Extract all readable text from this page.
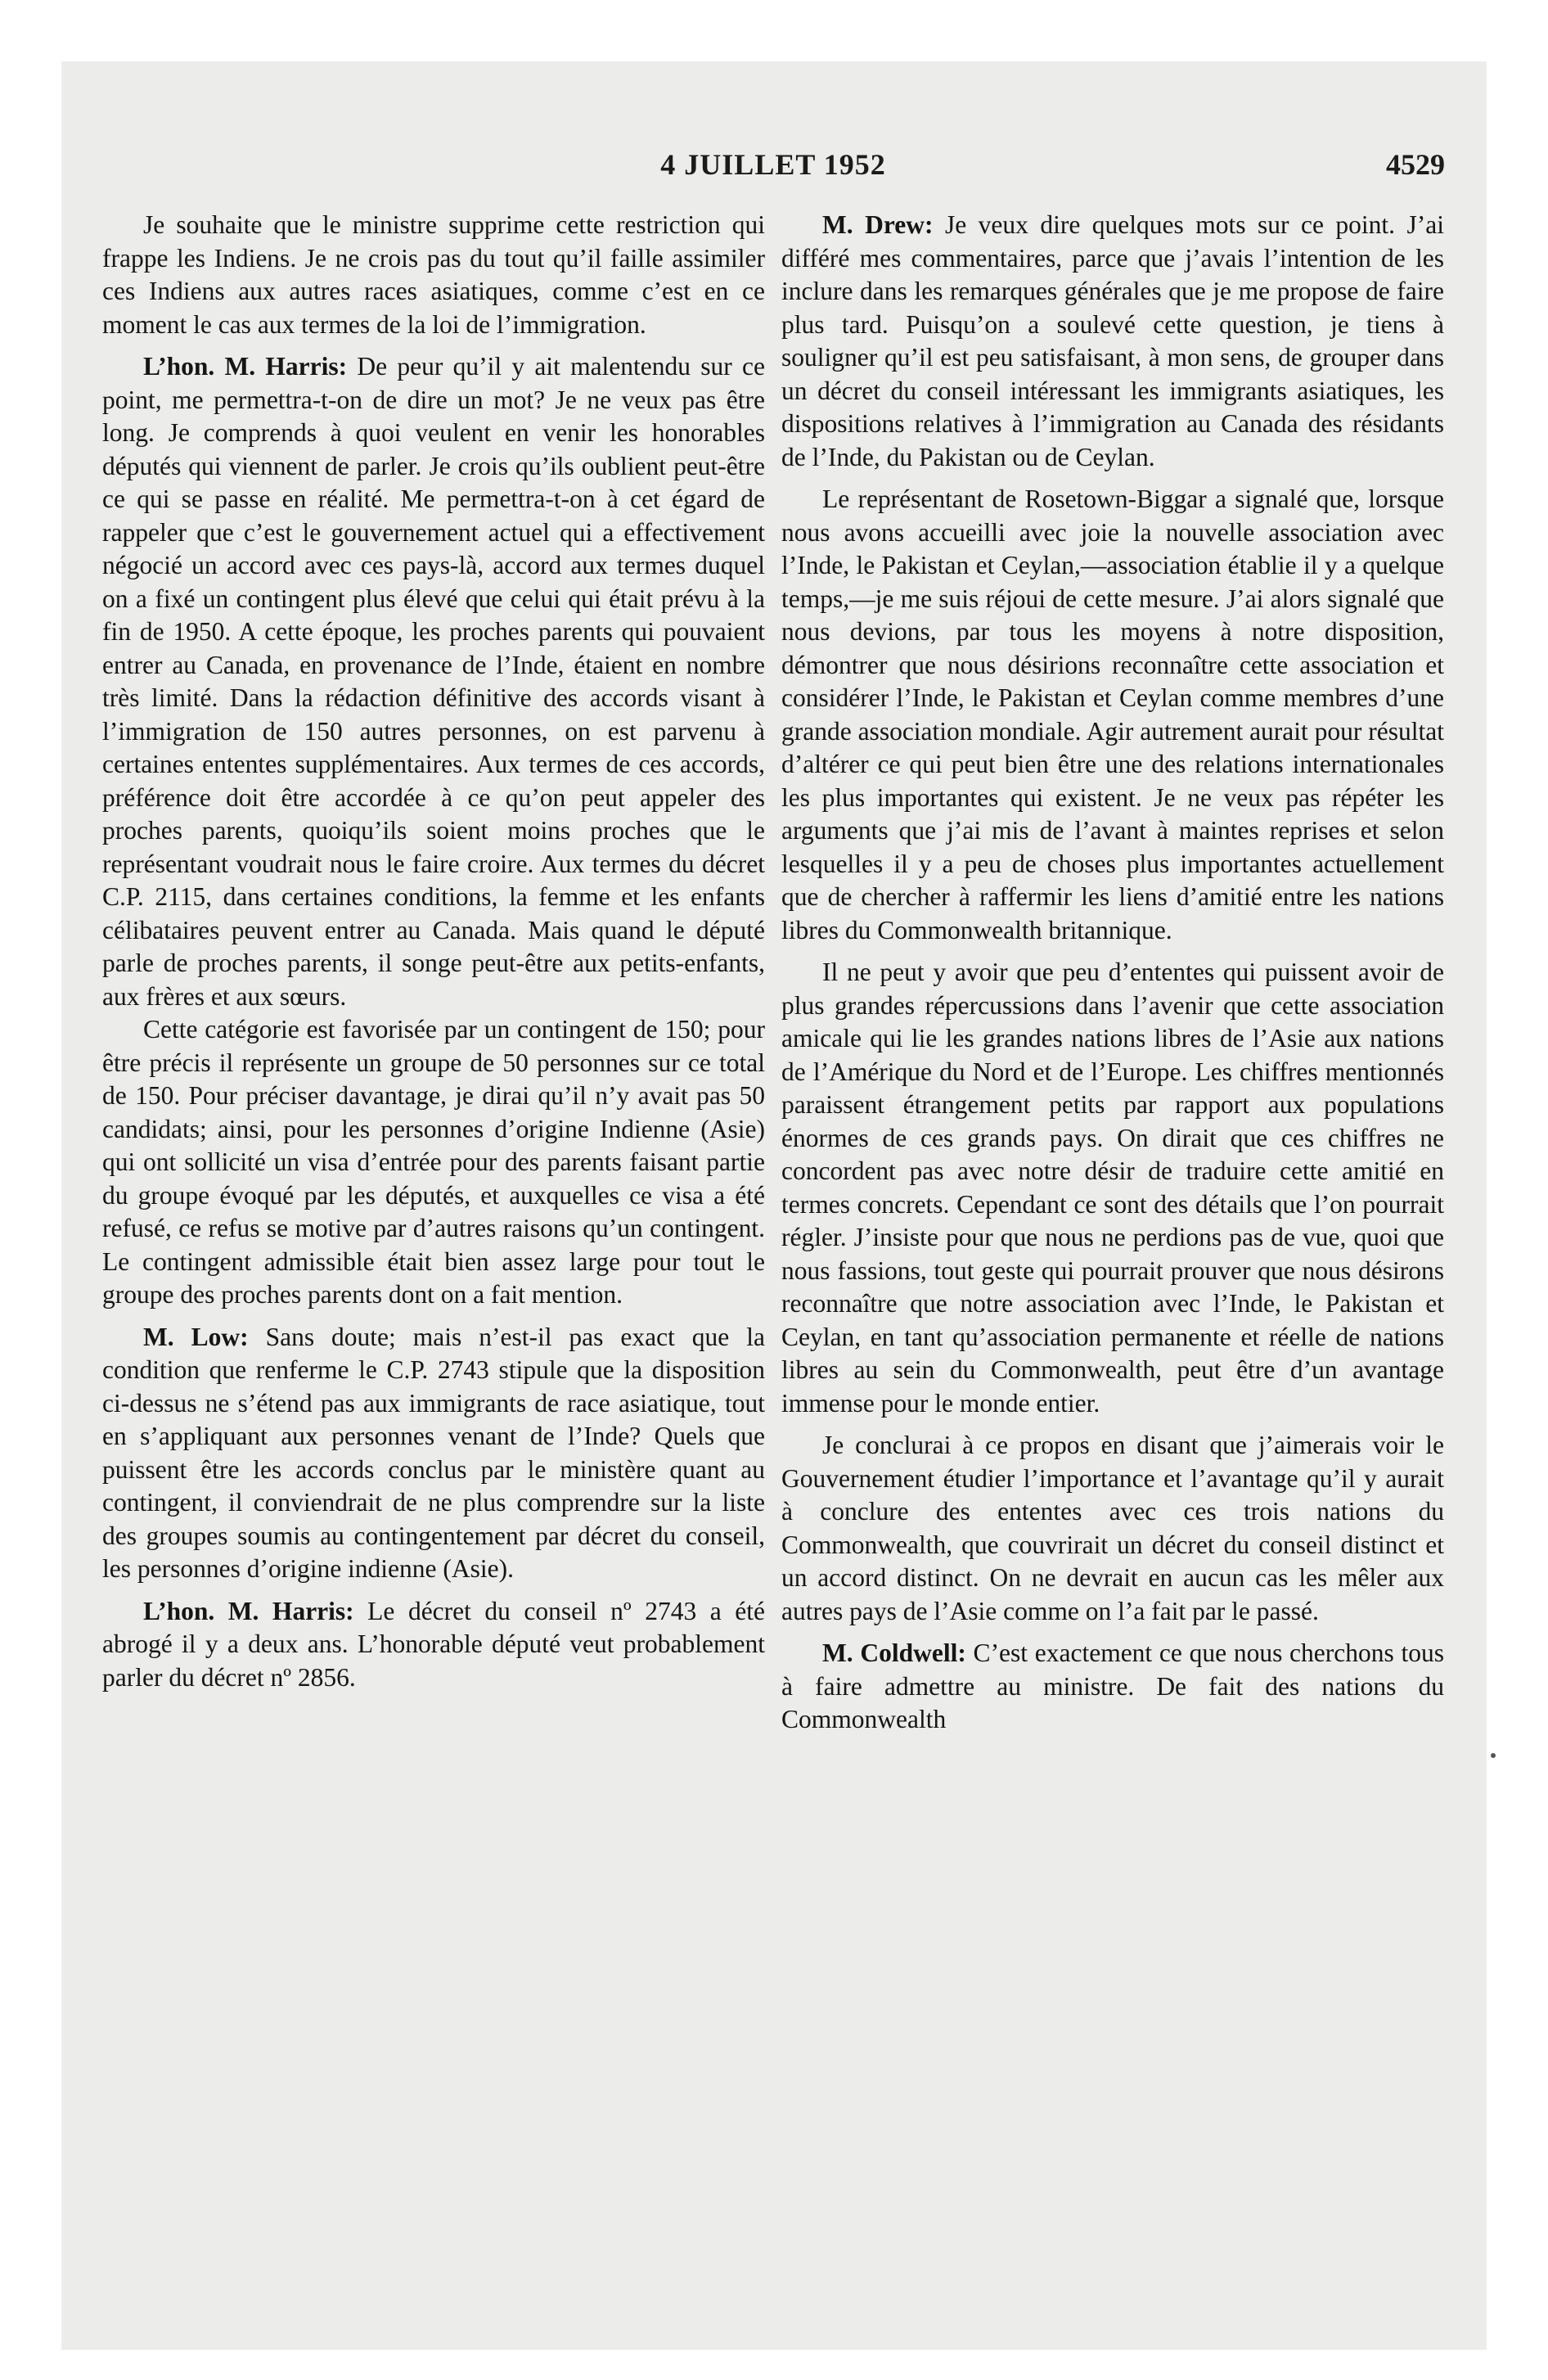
4 JUILLET 1952	4529

Je souhaite que le ministre supprime cette restriction qui frappe les Indiens. Je ne crois pas du tout qu’il faille assimiler ces Indiens aux autres races asiatiques, comme c’est en ce moment le cas aux termes de la loi de l’immigration.

L’hon. M. Harris: De peur qu’il y ait malentendu sur ce point, me permettra-t-on de dire un mot? Je ne veux pas être long. Je comprends à quoi veulent en venir les honorables députés qui viennent de parler. Je crois qu’ils oublient peut-être ce qui se passe en réalité. Me permettra-t-on à cet égard de rappeler que c’est le gouvernement actuel qui a effectivement négocié un accord avec ces pays-là, accord aux termes duquel on a fixé un contingent plus élevé que celui qui était prévu à la fin de 1950. A cette époque, les proches parents qui pouvaient entrer au Canada, en provenance de l’Inde, étaient en nombre très limité. Dans la rédaction définitive des accords visant à l’immigration de 150 autres personnes, on est parvenu à certaines ententes supplémentaires. Aux termes de ces accords, préférence doit être accordée à ce qu’on peut appeler des proches parents, quoiqu’ils soient moins proches que le représentant voudrait nous le faire croire. Aux termes du décret C.P. 2115, dans certaines conditions, la femme et les enfants célibataires peuvent entrer au Canada. Mais quand le député parle de proches parents, il songe peut-être aux petits-enfants, aux frères et aux sœurs.

Cette catégorie est favorisée par un contingent de 150; pour être précis il représente un groupe de 50 personnes sur ce total de 150. Pour préciser davantage, je dirai qu’il n’y avait pas 50 candidats; ainsi, pour les personnes d’origine Indienne (Asie) qui ont sollicité un visa d’entrée pour des parents faisant partie du groupe évoqué par les députés, et auxquelles ce visa a été refusé, ce refus se motive par d’autres raisons qu’un contingent. Le contingent admissible était bien assez large pour tout le groupe des proches parents dont on a fait mention.

M. Low: Sans doute; mais n’est-il pas exact que la condition que renferme le C.P. 2743 stipule que la disposition ci-dessus ne s’étend pas aux immigrants de race asiatique, tout en s’appliquant aux personnes venant de l’Inde? Quels que puissent être les accords conclus par le ministère quant au contingent, il conviendrait de ne plus comprendre sur la liste des groupes soumis au contingentement par décret du conseil, les personnes d’origine indienne (Asie).

L’hon. M. Harris: Le décret du conseil nº 2743 a été abrogé il y a deux ans. L’honorable député veut probablement parler du décret nº 2856.

M. Drew: Je veux dire quelques mots sur ce point. J’ai différé mes commentaires, parce que j’avais l’intention de les inclure dans les remarques générales que je me propose de faire plus tard. Puisqu’on a soulevé cette question, je tiens à souligner qu’il est peu satisfaisant, à mon sens, de grouper dans un décret du conseil intéressant les immigrants asiatiques, les dispositions relatives à l’immigration au Canada des résidants de l’Inde, du Pakistan ou de Ceylan.

Le représentant de Rosetown-Biggar a signalé que, lorsque nous avons accueilli avec joie la nouvelle association avec l’Inde, le Pakistan et Ceylan,—association établie il y a quelque temps,—je me suis réjoui de cette mesure. J’ai alors signalé que nous devions, par tous les moyens à notre disposition, démontrer que nous désirions reconnaître cette association et considérer l’Inde, le Pakistan et Ceylan comme membres d’une grande association mondiale. Agir autrement aurait pour résultat d’altérer ce qui peut bien être une des relations internationales les plus importantes qui existent. Je ne veux pas répéter les arguments que j’ai mis de l’avant à maintes reprises et selon lesquelles il y a peu de choses plus importantes actuellement que de chercher à raffermir les liens d’amitié entre les nations libres du Commonwealth britannique.

Il ne peut y avoir que peu d’ententes qui puissent avoir de plus grandes répercussions dans l’avenir que cette association amicale qui lie les grandes nations libres de l’Asie aux nations de l’Amérique du Nord et de l’Europe. Les chiffres mentionnés paraissent étrangement petits par rapport aux populations énormes de ces grands pays. On dirait que ces chiffres ne concordent pas avec notre désir de traduire cette amitié en termes concrets. Cependant ce sont des détails que l’on pourrait régler. J’insiste pour que nous ne perdions pas de vue, quoi que nous fassions, tout geste qui pourrait prouver que nous désirons reconnaître que notre association avec l’Inde, le Pakistan et Ceylan, en tant qu’association permanente et réelle de nations libres au sein du Commonwealth, peut être d’un avantage immense pour le monde entier.

Je conclurai à ce propos en disant que j’aimerais voir le Gouvernement étudier l’importance et l’avantage qu’il y aurait à conclure des ententes avec ces trois nations du Commonwealth, que couvrirait un décret du conseil distinct et un accord distinct. On ne devrait en aucun cas les mêler aux autres pays de l’Asie comme on l’a fait par le passé.

M. Coldwell: C’est exactement ce que nous cherchons tous à faire admettre au ministre. De fait des nations du Commonwealth
